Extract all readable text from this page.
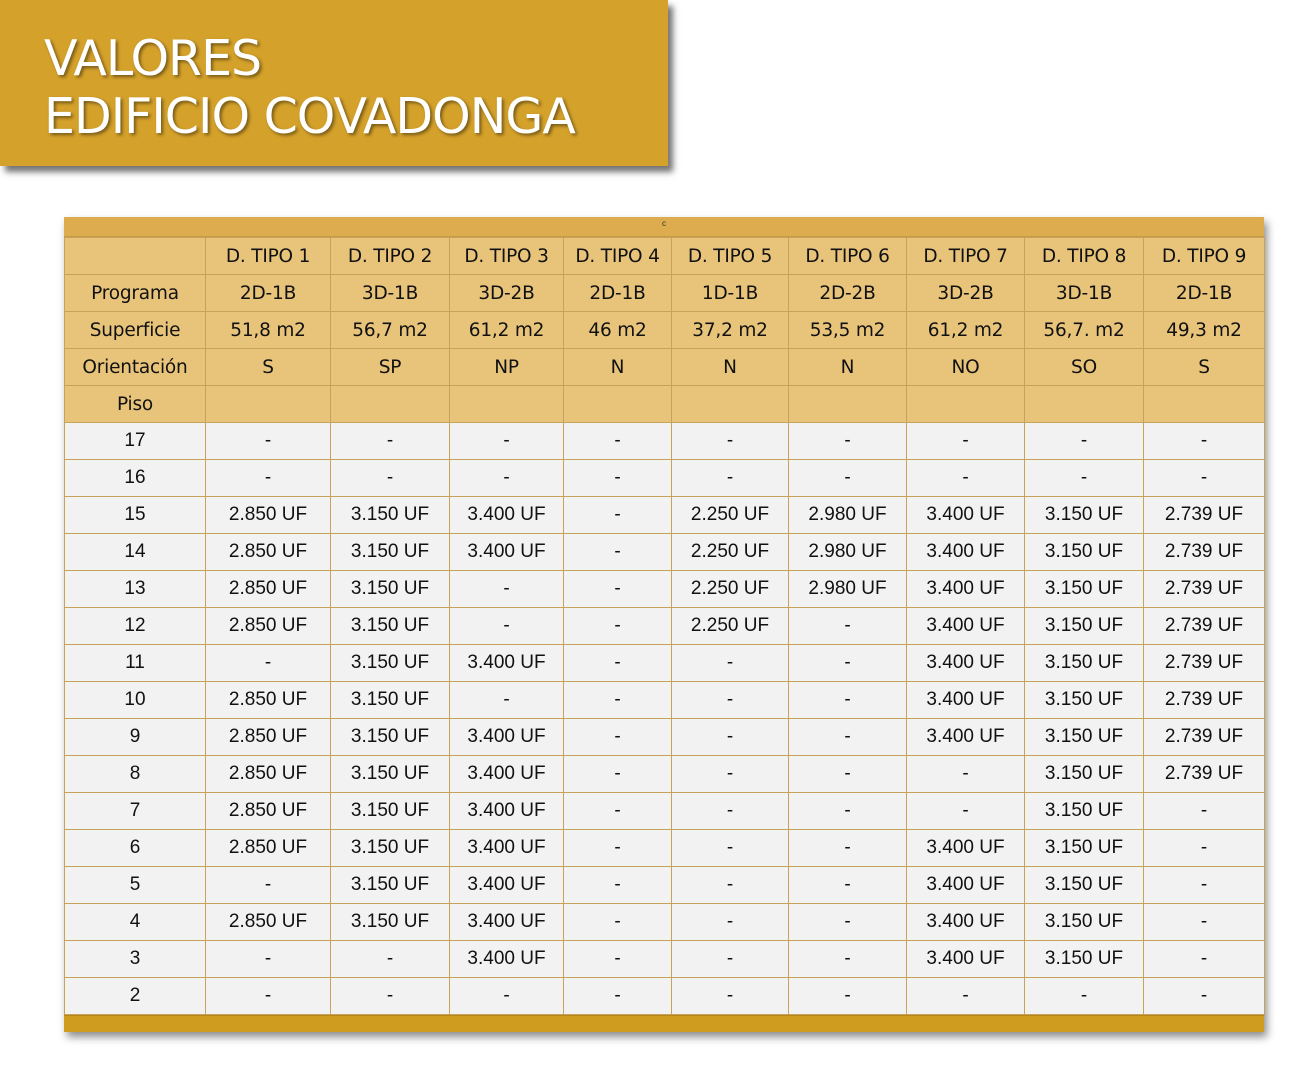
VALORES
EDIFICIO COVADONGA
c
	D. TIPO 1	D. TIPO 2	D. TIPO 3	D. TIPO 4	D. TIPO 5	D. TIPO 6	D. TIPO 7	D. TIPO 8	D. TIPO 9
Programa	2D-1B	3D-1B	3D-2B	2D-1B	1D-1B	2D-2B	3D-2B	3D-1B	2D-1B
Superficie	51,8 m2	56,7 m2	61,2 m2	46 m2	37,2 m2	53,5 m2	61,2 m2	56,7. m2	49,3 m2
Orientación	S	SP	NP	N	N	N	NO	SO	S
Piso									
17	-	-	-	-	-	-	-	-	-
16	-	-	-	-	-	-	-	-	-
15	2.850 UF	3.150 UF	3.400 UF	-	2.250 UF	2.980 UF	3.400 UF	3.150 UF	2.739 UF
14	2.850 UF	3.150 UF	3.400 UF	-	2.250 UF	2.980 UF	3.400 UF	3.150 UF	2.739 UF
13	2.850 UF	3.150 UF	-	-	2.250 UF	2.980 UF	3.400 UF	3.150 UF	2.739 UF
12	2.850 UF	3.150 UF	-	-	2.250 UF	-	3.400 UF	3.150 UF	2.739 UF
11	-	3.150 UF	3.400 UF	-	-	-	3.400 UF	3.150 UF	2.739 UF
10	2.850 UF	3.150 UF	-	-	-	-	3.400 UF	3.150 UF	2.739 UF
9	2.850 UF	3.150 UF	3.400 UF	-	-	-	3.400 UF	3.150 UF	2.739 UF
8	2.850 UF	3.150 UF	3.400 UF	-	-	-	-	3.150 UF	2.739 UF
7	2.850 UF	3.150 UF	3.400 UF	-	-	-	-	3.150 UF	-
6	2.850 UF	3.150 UF	3.400 UF	-	-	-	3.400 UF	3.150 UF	-
5	-	3.150 UF	3.400 UF	-	-	-	3.400 UF	3.150 UF	-
4	2.850 UF	3.150 UF	3.400 UF	-	-	-	3.400 UF	3.150 UF	-
3	-	-	3.400 UF	-	-	-	3.400 UF	3.150 UF	-
2	-	-	-	-	-	-	-	-	-
